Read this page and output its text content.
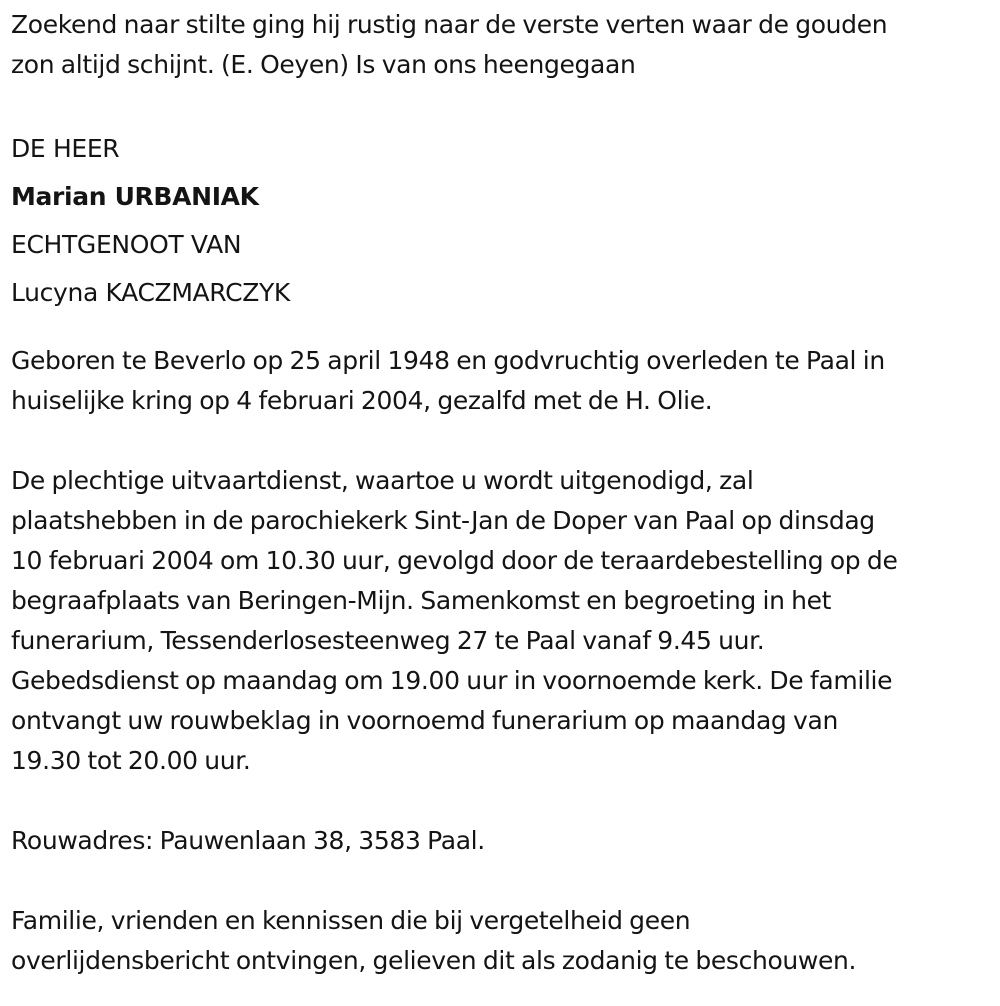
Zoekend naar stilte ging hij rustig naar de verste verten waar de gouden
zon altijd schijnt. (E. Oeyen) Is van ons heengegaan

DE HEER

Marian URBANIAK

ECHTGENOOT VAN

Lucyna KACZMARCZYK

Geboren te Beverlo op 25 april 1948 en godvruchtig overleden te Paal in
huiselijke kring op 4 februari 2004, gezalfd met de H. Olie.

De plechtige uitvaartdienst, waartoe u wordt uitgenodigd, zal
plaatshebben in de parochiekerk Sint-Jan de Doper van Paal op dinsdag
10 februari 2004 om 10.30 uur, gevolgd door de teraardebestelling op de
begraafplaats van Beringen-Mijn. Samenkomst en begroeting in het
funerarium, Tessenderlosesteenweg 27 te Paal vanaf 9.45 uur.
Gebedsdienst op maandag om 19.00 uur in voornoemde kerk. De familie
ontvangt uw rouwbeklag in voornoemd funerarium op maandag van
19.30 tot 20.00 uur.

Rouwadres: Pauwenlaan 38, 3583 Paal.

Familie, vrienden en kennissen die bij vergetelheid geen
overlijdensbericht ontvingen, gelieven dit als zodanig te beschouwen.
